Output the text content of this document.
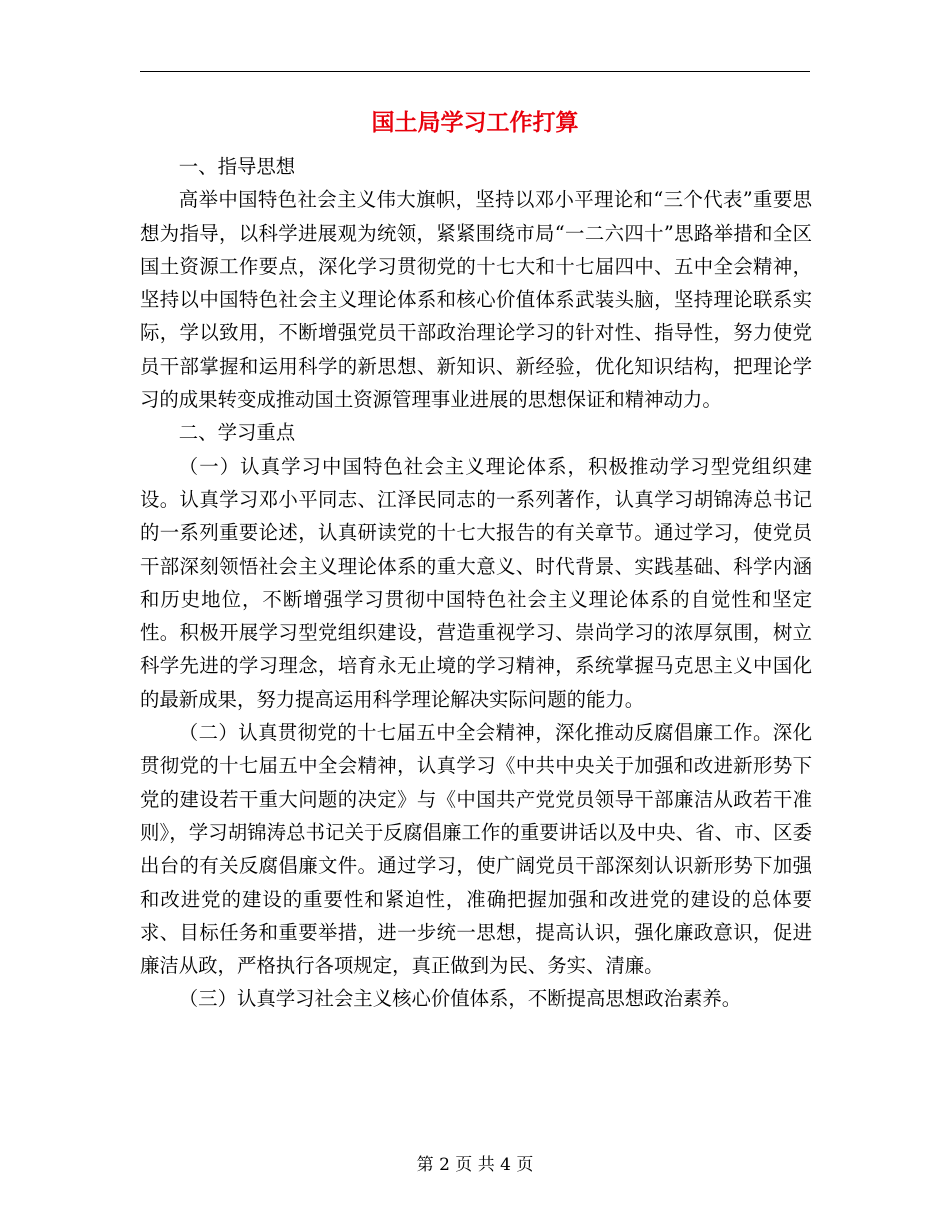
国土局学习工作打算

一、指导思想

高举中国特色社会主义伟大旗帜，坚持以邓小平理论和“三个代表”重要思想为指导，以科学进展观为统领，紧紧围绕市局“一二六四十”思路举措和全区国土资源工作要点，深化学习贯彻党的十七大和十七届四中、五中全会精神，坚持以中国特色社会主义理论体系和核心价值体系武装头脑，坚持理论联系实际，学以致用，不断增强党员干部政治理论学习的针对性、指导性，努力使党员干部掌握和运用科学的新思想、新知识、新经验，优化知识结构，把理论学习的成果转变成推动国土资源管理事业进展的思想保证和精神动力。

二、学习重点

（一）认真学习中国特色社会主义理论体系，积极推动学习型党组织建设。认真学习邓小平同志、江泽民同志的一系列著作，认真学习胡锦涛总书记的一系列重要论述，认真研读党的十七大报告的有关章节。通过学习，使党员干部深刻领悟社会主义理论体系的重大意义、时代背景、实践基础、科学内涵和历史地位，不断增强学习贯彻中国特色社会主义理论体系的自觉性和坚定性。积极开展学习型党组织建设，营造重视学习、崇尚学习的浓厚氛围，树立科学先进的学习理念，培育永无止境的学习精神，系统掌握马克思主义中国化的最新成果，努力提高运用科学理论解决实际问题的能力。

（二）认真贯彻党的十七届五中全会精神，深化推动反腐倡廉工作。深化贯彻党的十七届五中全会精神，认真学习《中共中央关于加强和改进新形势下党的建设若干重大问题的决定》与《中国共产党党员领导干部廉洁从政若干准则》，学习胡锦涛总书记关于反腐倡廉工作的重要讲话以及中央、省、市、区委出台的有关反腐倡廉文件。通过学习，使广阔党员干部深刻认识新形势下加强和改进党的建设的重要性和紧迫性，准确把握加强和改进党的建设的总体要求、目标任务和重要举措，进一步统一思想，提高认识，强化廉政意识，促进廉洁从政，严格执行各项规定，真正做到为民、务实、清廉。

（三）认真学习社会主义核心价值体系，不断提高思想政治素养。

第 2 页 共 4 页
